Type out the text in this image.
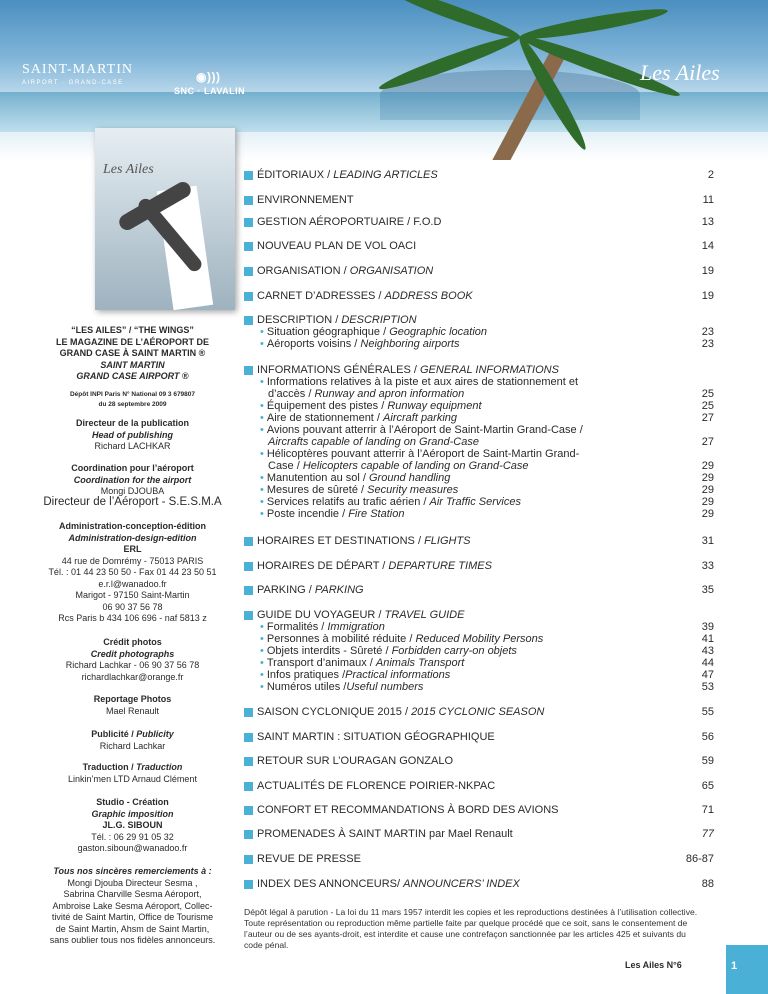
SAINT-MARTIN
AIRPORT · GRAND-CASE	◉)))
SNC · LAVALIN
Les Ailes
Les Ailes
“LES AILES” / “THE WINGS”
LE MAGAZINE DE L’AÉROPORT DE
GRAND CASE À SAINT MARTIN ®
SAINT MARTIN
GRAND CASE AIRPORT ®
Dépôt INPI Paris N° National 09 3 679807
du 28 septembre 2009
Directeur de la publication
Head of publishing
Richard LACHKAR
Coordination pour l’aéroport
Coordination for the airport
Mongi DJOUBA
Directeur de l’Aéroport - S.E.S.M.A
Administration-conception-édition
Administration-design-edition
ERL
44 rue de Domrémy - 75013 PARIS
Tél. : 01 44 23 50 50 - Fax 01 44 23 50 51
e.r.l@wanadoo.fr
Marigot - 97150 Saint-Martin
06 90 37 56 78
Rcs Paris b 434 106 696 - naf 5813 z
Crédit photos
Credit photographs
Richard Lachkar - 06 90 37 56 78
richardlachkar@orange.fr
Reportage Photos
Mael Renault
Publicité / Publicity
Richard Lachkar
Traduction / Traduction
Linkin’men LTD Arnaud Clément
Studio - Création
Graphic imposition
JL.G. SIBOUN
Tél. : 06 29 91 05 32
gaston.siboun@wanadoo.fr
Tous nos sincères remerciements à :
Mongi Djouba Directeur Sesma ,
Sabrina Charville Sesma Aéroport,
Ambroise Lake Sesma Aéroport, Collec-
tivité de Saint Martin, Office de Tourisme
de Saint Martin, Ahsm de Saint Martin,
sans oublier tous nos fidèles annonceurs.
ÉDITORIAUX / LEADING ARTICLES	2
ENVIRONNEMENT	11
GESTION AÉROPORTUAIRE / F.O.D	13
NOUVEAU PLAN DE VOL OACI	14
ORGANISATION / ORGANISATION	19
CARNET D’ADRESSES / ADDRESS BOOK	19
DESCRIPTION / DESCRIPTION
• Situation géographique / Geographic location	23
• Aéroports voisins / Neighboring airports	23
INFORMATIONS GÉNÉRALES / GENERAL INFORMATIONS
• Informations relatives à la piste et aux aires de stationnement et
d’accès / Runway and apron information	25
• Équipement des pistes / Runway equipment	25
• Aire de stationnement / Aircraft parking	27
• Avions pouvant atterrir à l’Aéroport de Saint-Martin Grand-Case /
Aircrafts capable of landing on Grand-Case	27
• Hélicoptères pouvant atterrir à l’Aéroport de Saint-Martin Grand-
Case / Helicopters capable of landing on Grand-Case	29
• Manutention au sol / Ground handling	29
• Mesures de sûreté / Security measures	29
• Services relatifs au trafic aérien / Air Traffic Services	29
• Poste incendie / Fire Station	29
HORAIRES ET DESTINATIONS / FLIGHTS	31
HORAIRES DE DÉPART / DEPARTURE TIMES	33
PARKING / PARKING	35
GUIDE DU VOYAGEUR / TRAVEL GUIDE
• Formalités / Immigration	39
• Personnes à mobilité réduite / Reduced Mobility Persons	41
• Objets interdits - Sûreté / Forbidden carry-on objets	43
• Transport d’animaux / Animals Transport	44
• Infos pratiques /Practical informations	47
• Numéros utiles /Useful numbers	53
SAISON CYCLONIQUE 2015 / 2015 CYCLONIC SEASON	55
SAINT MARTIN : SITUATION GÉOGRAPHIQUE	56
RETOUR SUR L’OURAGAN GONZALO	59
ACTUALITÉS DE FLORENCE POIRIER-NKPAC	65
CONFORT ET RECOMMANDATIONS À BORD DES AVIONS	71
PROMENADES À SAINT MARTIN par Mael Renault	77
REVUE DE PRESSE	86-87
INDEX DES ANNONCEURS/ ANNOUNCERS’ INDEX	88
Dépôt légal à parution - La loi du 11 mars 1957 interdit les copies et les reproductions destinées à l’utilisation collective.
Toute représentation ou reproduction même partielle faite par quelque procédé que ce soit, sans le consentement de
l’auteur ou de ses ayants-droit, est interdite et cause une contrefaçon sanctionnée par les articles 425 et suivants du
code pénal.
Les Ailes N°6	1
